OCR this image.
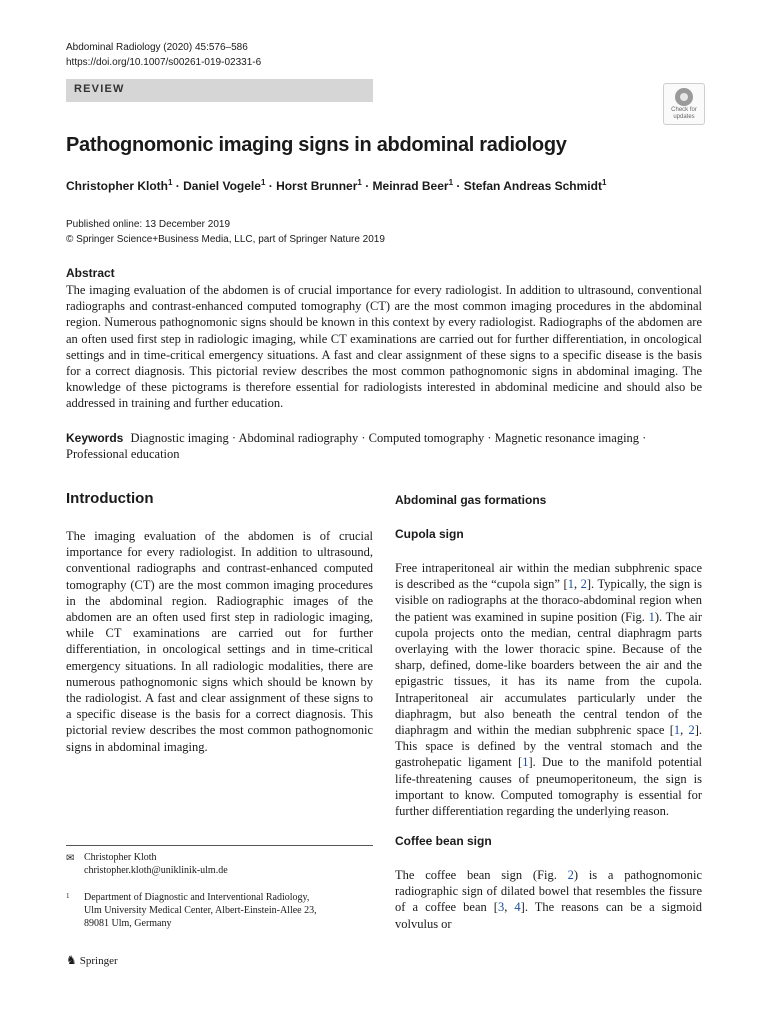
Abdominal Radiology (2020) 45:576–586
https://doi.org/10.1007/s00261-019-02331-6
REVIEW
Check for updates
Pathognomonic imaging signs in abdominal radiology
Christopher Kloth$^1$ · Daniel Vogele$^1$ · Horst Brunner$^1$ · Meinrad Beer$^1$ · Stefan Andreas Schmidt$^1$
Published online: 13 December 2019
© Springer Science+Business Media, LLC, part of Springer Nature 2019
Abstract

The imaging evaluation of the abdomen is of crucial importance for every radiologist. In addition to ultrasound, conventional radiographs and contrast-enhanced computed tomography (CT) are the most common imaging procedures in the abdominal region. Numerous pathognomonic signs should be known in this context by every radiologist. Radiographs of the abdomen are an often used first step in radiologic imaging, while CT examinations are carried out for further differentiation, in oncological settings and in time-critical emergency situations. A fast and clear assignment of these signs to a specific disease is the basis for a correct diagnosis. This pictorial review describes the most common pathognomonic signs in abdominal imaging. The knowledge of these pictograms is therefore essential for radiologists interested in abdominal medicine and should also be addressed in training and further education.

Keywords Diagnostic imaging · Abdominal radiography · Computed tomography · Magnetic resonance imaging · Professional education

Introduction

The imaging evaluation of the abdomen is of crucial importance for every radiologist. In addition to ultrasound, conventional radiographs and contrast-enhanced computed tomography (CT) are the most common imaging procedures in the abdominal region. Radiographic images of the abdomen are an often used first step in radiologic imaging, while CT examinations are carried out for further differentiation, in oncological settings and in time-critical emergency situations. In all radiologic modalities, there are numerous pathognomonic signs which should be known by the radiologist. A fast and clear assignment of these signs to a specific disease is the basis for a correct diagnosis. This pictorial review describes the most common pathognomonic signs in abdominal imaging.

Abdominal gas formations
Cupola sign

Free intraperitoneal air within the median subphrenic space is described as the “cupola sign” [1, 2]. Typically, the sign is visible on radiographs at the thoraco-abdominal region when the patient was examined in supine position (Fig. 1). The air cupola projects onto the median, central diaphragm parts overlaying with the lower thoracic spine. Because of the sharp, defined, dome-like boarders between the air and the epigastric tissues, it has its name from the cupola. Intraperitoneal air accumulates particularly under the diaphragm, but also beneath the central tendon of the diaphragm and within the median subphrenic space [1, 2]. This space is defined by the ventral stomach and the gastrohepatic ligament [1]. Due to the manifold potential life-threatening causes of pneumoperitoneum, the sign is important to know. Computed tomography is essential for further differentiation regarding the underlying reason.

Coffee bean sign

The coffee bean sign (Fig. 2) is a pathognomonic radiographic sign of dilated bowel that resembles the fissure of a coffee bean [3, 4]. The reasons can be a sigmoid volvulus or

✉ Christopher Kloth
christopher.kloth@uniklinik-ulm.de
1 Department of Diagnostic and Interventional Radiology,
Ulm University Medical Center, Albert-Einstein-Allee 23,
89081 Ulm, Germany
♞ Springer
